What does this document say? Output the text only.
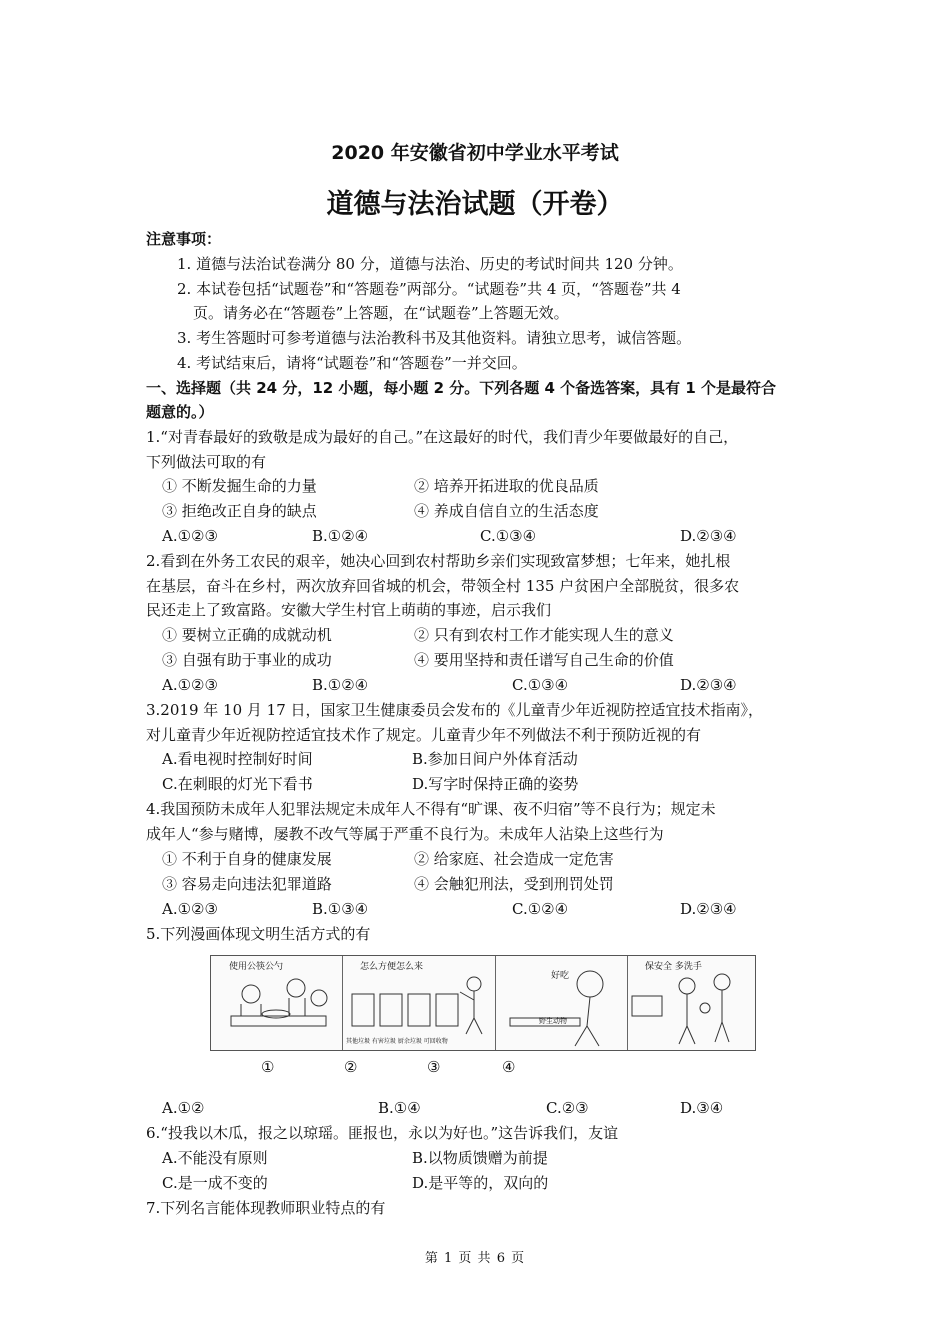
2020 年安徽省初中学业水平考试
道德与法治试题（开卷）
注意事项：
1. 道德与法治试卷满分 80 分，道德与法治、历史的考试时间共 120 分钟。
2. 本试卷包括“试题卷”和“答题卷”两部分。“试题卷”共 4 页，“答题卷”共 4
页。请务必在“答题卷”上答题，在“试题卷”上答题无效。
3. 考生答题时可参考道德与法治教科书及其他资料。请独立思考，诚信答题。
4. 考试结束后，请将“试题卷”和“答题卷”一并交回。
一、选择题（共 24 分，12 小题，每小题 2 分。下列各题 4 个备选答案，具有 1 个是最符合
题意的。）
1.“对青春最好的致敬是成为最好的自己。”在这最好的时代，我们青少年要做最好的自己，
下列做法可取的有
① 不断发掘生命的力量	② 培养开拓进取的优良品质
③ 拒绝改正自身的缺点	④ 养成自信自立的生活态度
A.①②③	B.①②④	C.①③④	D.②③④
2.看到在外务工农民的艰辛，她决心回到农村帮助乡亲们实现致富梦想；七年来，她扎根
在基层，奋斗在乡村，两次放弃回省城的机会，带领全村 135 户贫困户全部脱贫，很多农
民还走上了致富路。安徽大学生村官上萌萌的事迹，启示我们
① 要树立正确的成就动机	② 只有到农村工作才能实现人生的意义
③ 自强有助于事业的成功	④ 要用坚持和责任谱写自己生命的价值
A.①②③	B.①②④	C.①③④	D.②③④
3.2019 年 10 月 17 日，国家卫生健康委员会发布的《儿童青少年近视防控适宜技术指南》，
对儿童青少年近视防控适宜技术作了规定。儿童青少年不列做法不利于预防近视的有
A.看电视时控制好时间	B.参加日间户外体育活动
C.在刺眼的灯光下看书	D.写字时保持正确的姿势
4.我国预防未成年人犯罪法规定未成年人不得有“旷课、夜不归宿”等不良行为；规定未
成年人“参与赌博，屡教不改气等属于严重不良行为。未成年人沾染上这些行为
① 不利于自身的健康发展	② 给家庭、社会造成一定危害
③ 容易走向违法犯罪道路	④ 会触犯刑法，受到刑罚处罚
A.①②③	B.①③④	C.①②④	D.②③④
5.下列漫画体现文明生活方式的有
使用公筷公勺	怎么方便怎么来
其他垃圾 有害垃圾 厨余垃圾 可回收物
好吃
野生动物
保安全 多洗手
①	②	③	④
A.①②	B.①④	C.②③	D.③④
6.“投我以木瓜，报之以琼瑶。匪报也，永以为好也。”这告诉我们，友谊
A.不能没有原则	B.以物质馈赠为前提
C.是一成不变的	D.是平等的，双向的
7.下列名言能体现教师职业特点的有
第 1 页 共 6 页
